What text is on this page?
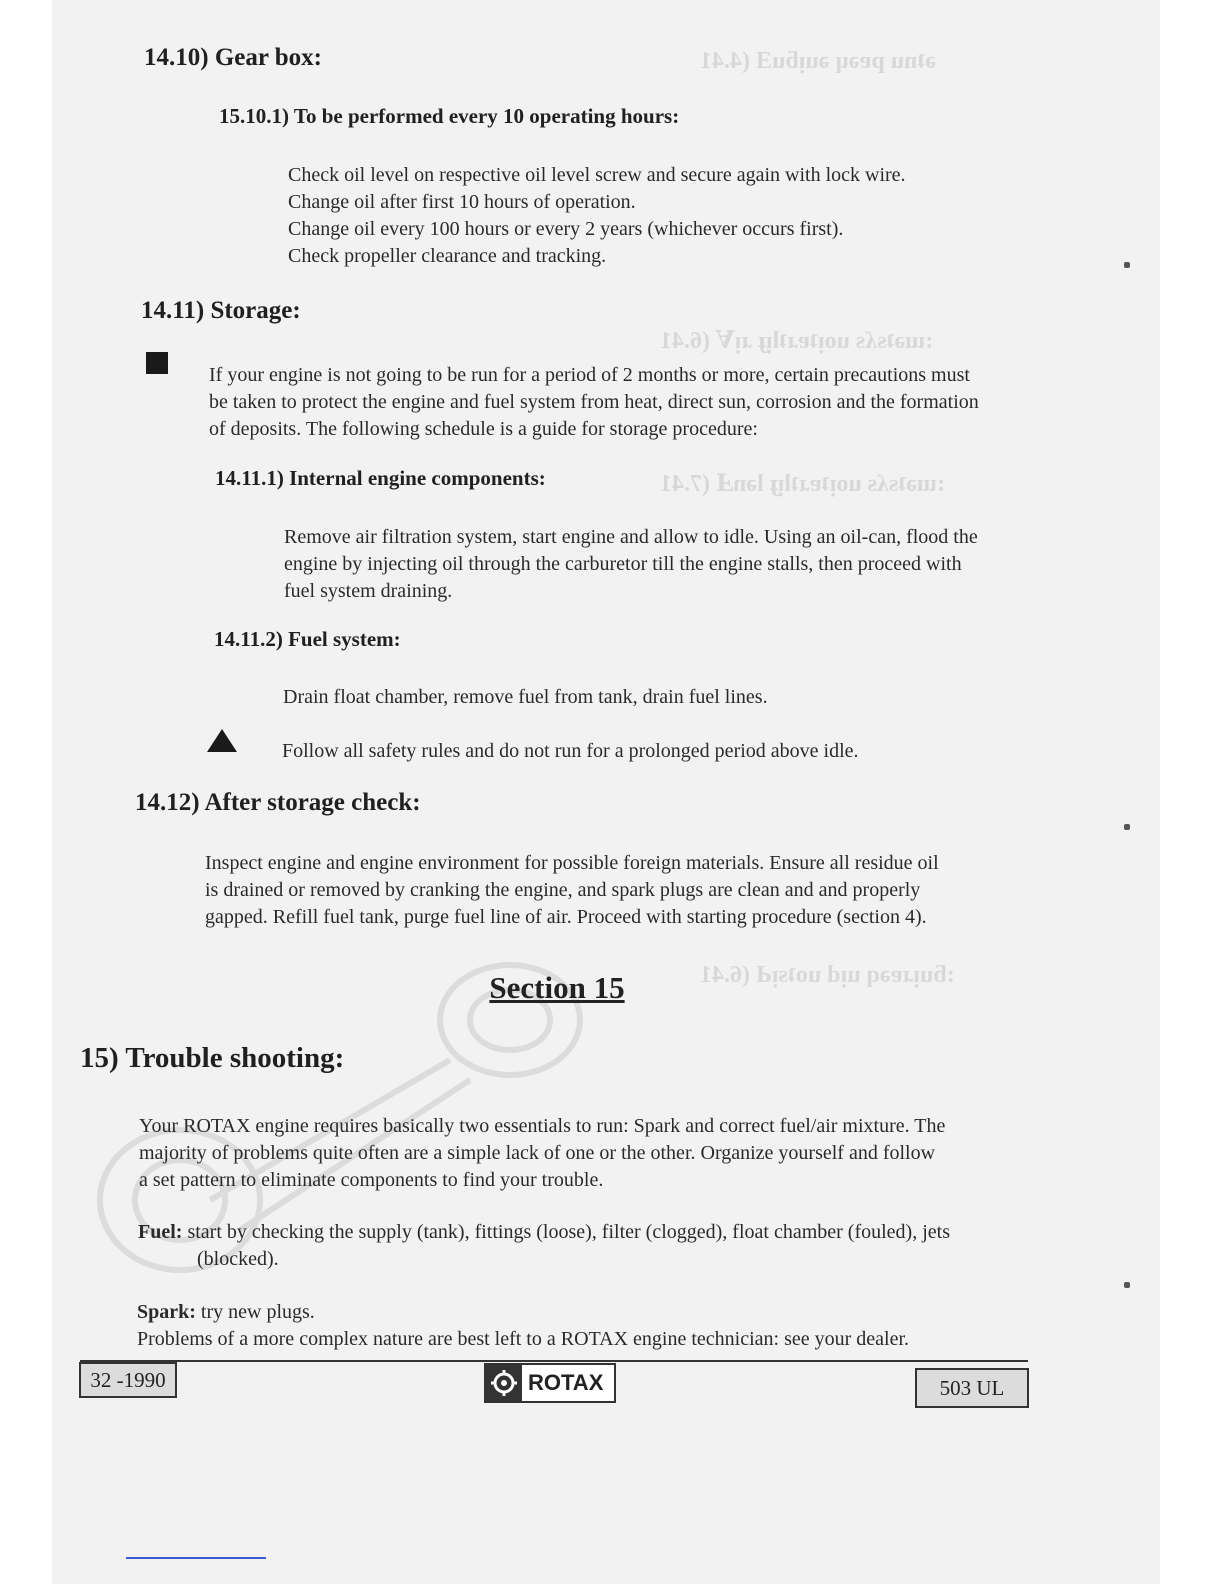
ǝʇnu pɐǝɥ ǝuᴉƃuƎ (4.41
:ɯǝʇsʎs uoᴉʇɐɹʇlᴉɟ ɹᴉⱯ (6.41
:ɯǝʇsʎs uoᴉʇɐɹʇlᴉɟ lǝnℲ (7.41
:ƃuᴉɹɐǝq uᴉd uoʇsᴉԀ (6.41
14.10) Gear box:
15.10.1) To be performed every 10 operating hours:
Check oil level on respective oil level screw and secure again with lock wire.
Change oil after first 10 hours of operation.
Change oil every 100 hours or every 2 years (whichever occurs first).
Check propeller clearance and tracking.
14.11) Storage:
If your engine is not going to be run for a period of 2 months or more, certain precautions must
be taken to protect the engine and fuel system from heat, direct sun, corrosion and the formation
of deposits. The following schedule is a guide for storage procedure:
14.11.1) Internal engine components:
Remove air filtration system, start engine and allow to idle. Using an oil-can, flood the
engine by injecting oil through the carburetor till the engine stalls, then proceed with
fuel system draining.
14.11.2) Fuel system:
Drain float chamber, remove fuel from tank, drain fuel lines.
Follow all safety rules and do not run for a prolonged period above idle.
14.12) After storage check:
Inspect engine and engine environment for possible foreign materials. Ensure all residue oil
is drained or removed by cranking the engine, and spark plugs are clean and and properly
gapped. Refill fuel tank, purge fuel line of air. Proceed with starting procedure (section 4).
Section 15
15) Trouble shooting:
Your ROTAX engine requires basically two essentials to run: Spark and correct fuel/air mixture. The
majority of problems quite often are a simple lack of one or the other. Organize yourself and follow
a set pattern to eliminate components to find your trouble.
Fuel: start by checking the supply (tank), fittings (loose), filter (clogged), float chamber (fouled), jets
(blocked).
Spark: try new plugs.
Problems of a more complex nature are best left to a ROTAX engine technician: see your dealer.
32 -1990	ROTAX	503 UL
